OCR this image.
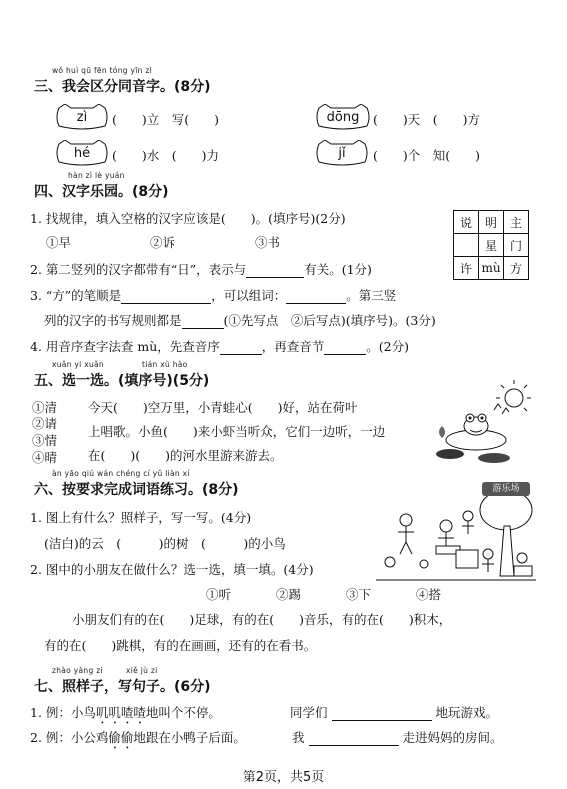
wǒ huì qū fēn tóng yīn zì
三、我会区分同音字。(8分)
zì	(　　)立　写(　　)	dōng	(　　)天　(　　)方
hé	(　　)水　(　　)力	jǐ	(　　)个　知(　　)
hàn zì lè yuán
四、汉字乐园。(8分)
1. 找规律，填入空格的汉字应该是(　　)。(填序号)(2分)
①早	②诉	③书
说	明	主
	星	门
许	mù	方
2. 第二竖列的汉字都带有“日”，表示与	有关。(1分)
3. “方”的笔顺是	，可以组词：	。第三竖
列的汉字的书写规则都是	(①先写点　②后写点)(填序号)。(3分)
4. 用音序查字法查 mù，先查音序	，再查音节	。(2分)
xuǎn yi xuǎn	tián xù hào
五、选一选。(填序号)(5分)
①清
②请
③情
④晴
今天(　　)空万里，小青蛙心(　　)好，站在荷叶
上唱歌。小鱼(　　)来小虾当听众，它们一边听，一边
在(　　)(　　)的河水里游来游去。
àn yāo qiú wán chéng cí yǔ liàn xí
六、按要求完成词语练习。(8分)
1. 图上有什么？照样子，写一写。(4分)
(洁白)的云　(　　　)的树　(　　　)的小鸟
2. 图中的小朋友在做什么？选一选，填一填。(4分)
①听	②踢	③下	④搭
小朋友们有的在(　　)足球，有的在(　　)音乐，有的在(　　)积木，
有的在(　　)跳棋，有的在画画，还有的在看书。
游乐场
zhào yàng zi	xiě jù zi
七、照样子，写句子。(6分)
1. 例：小鸟叽叽喳喳地叫个不停。	同学们	地玩游戏。
2. 例：小公鸡偷偷地跟在小鸭子后面。	我	走进妈妈的房间。
第2页，共5页
